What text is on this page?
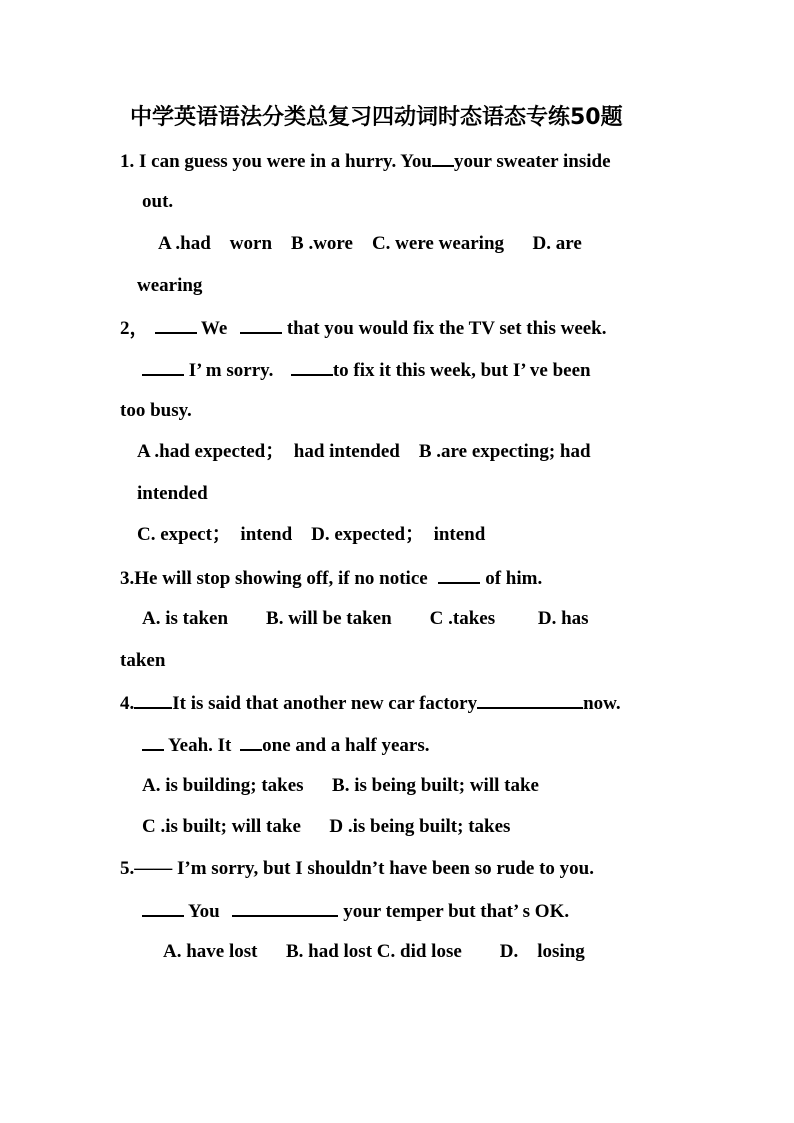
中学英语语法分类总复习四动词时态语态专练50题
1. I can guess you were in a hurry. You your sweater inside
out.
A .had    worn    B .wore    C. were wearing      D. are
wearing
2，	We	that you would fix the TV set this week.
I’ m sorry.	to fix it this week, but I’ ve been
too busy.
A .had expected；  had intended    B .are expecting; had
intended
C. expect；  intend    D. expected；  intend
3.He will stop showing off, if no notice	of him.
A. is taken        B. will be taken        C .takes         D. has
taken
4. It is said that another new car factory	now.
Yeah. It one and a half years.
A. is building; takes      B. is being built; will take
C .is built; will take      D .is being built; takes
5.—— I’m sorry, but I shouldn’t have been so rude to you.
You	your temper but that’ s OK.
A. have lost      B. had lost C. did lose        D.    losing
